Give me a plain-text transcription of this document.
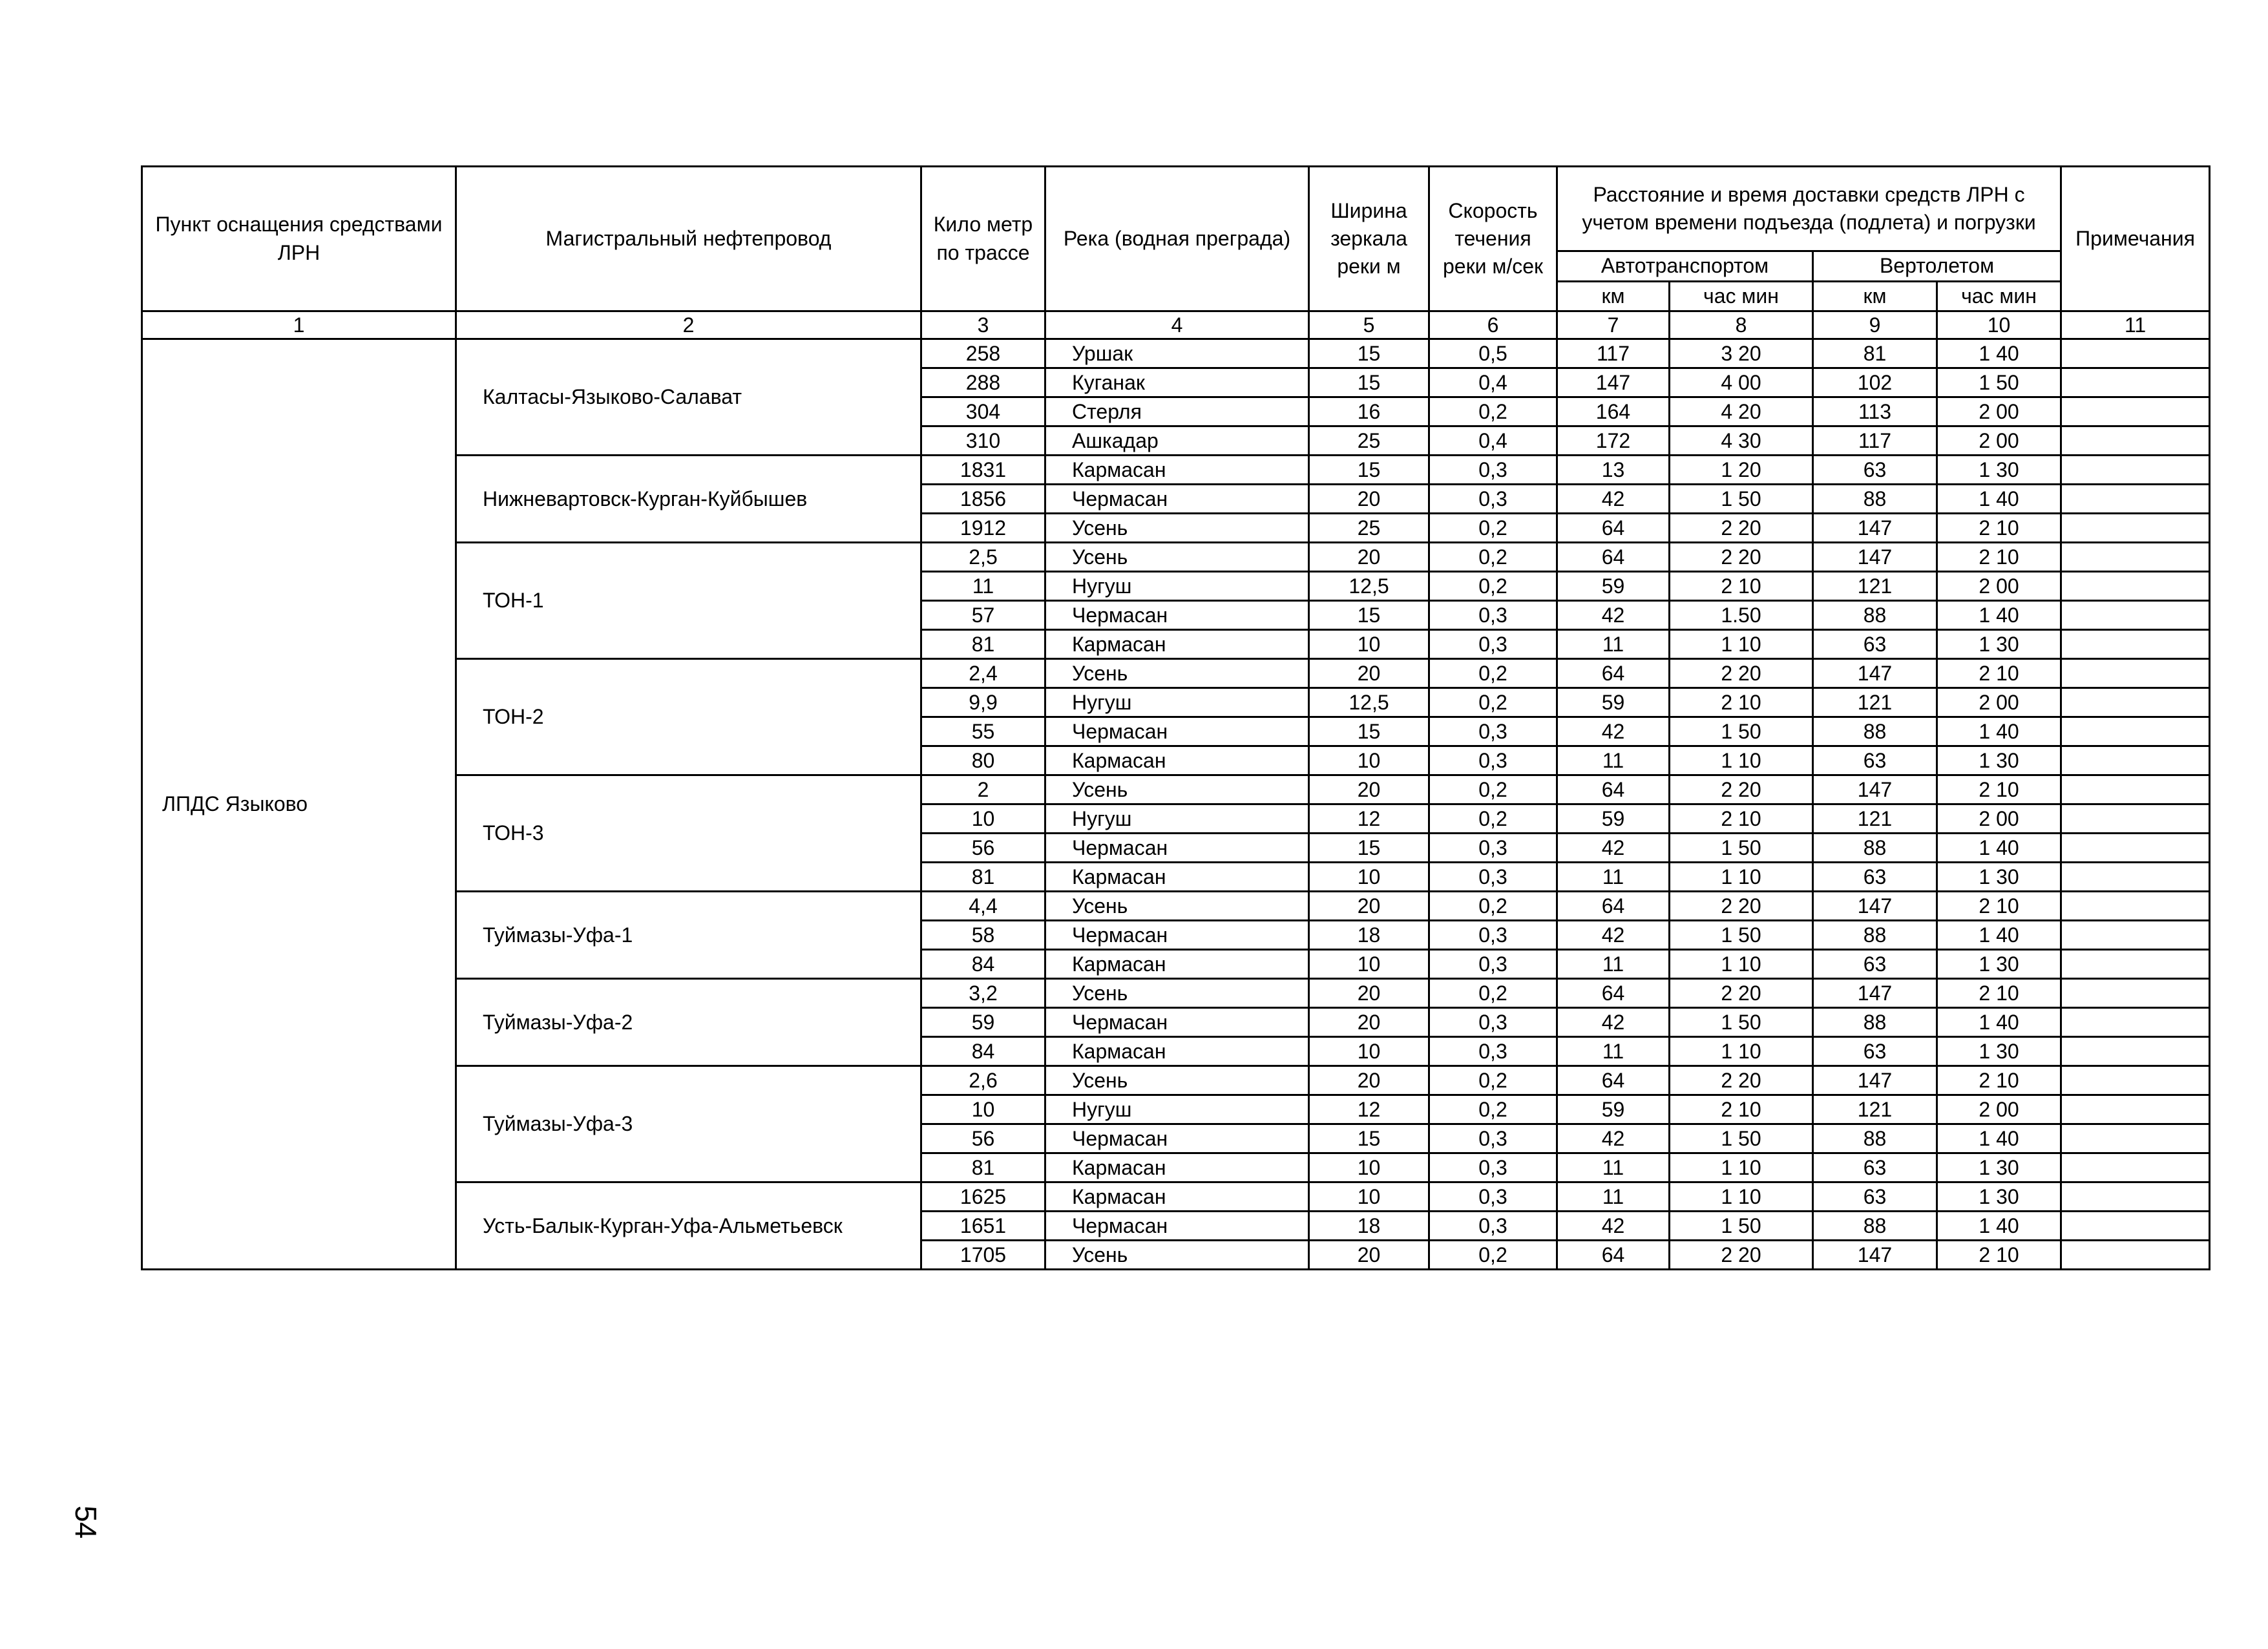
Пункт оснащения средствами ЛРН	Магистральный нефтепровод	Кило метр по трассе	Река (водная преграда)	Ширина зеркала реки м	Скорость течения реки м/сек	Расстояние и время доставки средств ЛРН с учетом времени подъезда (подлета) и погрузки				Примечания
						Автотранспортом		Вертолетом		
						км	час мин	км	час мин	
1	2	3	4	5	6	7	8	9	10	11
ЛПДС Языково	Калтасы-Языково-Салават	258	Уршак	15	0,5	117	3 20	81	1 40	
		288	Куганак	15	0,4	147	4 00	102	1 50	
		304	Стерля	16	0,2	164	4 20	113	2 00	
		310	Ашкадар	25	0,4	172	4 30	117	2 00	
	Нижневартовск-Курган-Куйбышев	1831	Кармасан	15	0,3	13	1 20	63	1 30	
		1856	Чермасан	20	0,3	42	1 50	88	1 40	
		1912	Усень	25	0,2	64	2 20	147	2 10	
	ТОН-1	2,5	Усень	20	0,2	64	2 20	147	2 10	
		11	Нугуш	12,5	0,2	59	2 10	121	2 00	
		57	Чермасан	15	0,3	42	1.50	88	1 40	
		81	Кармасан	10	0,3	11	1 10	63	1 30	
	ТОН-2	2,4	Усень	20	0,2	64	2 20	147	2 10	
		9,9	Нугуш	12,5	0,2	59	2 10	121	2 00	
		55	Чермасан	15	0,3	42	1 50	88	1 40	
		80	Кармасан	10	0,3	11	1 10	63	1 30	
	ТОН-3	2	Усень	20	0,2	64	2 20	147	2 10	
		10	Нугуш	12	0,2	59	2 10	121	2 00	
		56	Чермасан	15	0,3	42	1 50	88	1 40	
		81	Кармасан	10	0,3	11	1 10	63	1 30	
	Туймазы-Уфа-1	4,4	Усень	20	0,2	64	2 20	147	2 10	
		58	Чермасан	18	0,3	42	1 50	88	1 40	
		84	Кармасан	10	0,3	11	1 10	63	1 30	
	Туймазы-Уфа-2	3,2	Усень	20	0,2	64	2 20	147	2 10	
		59	Чермасан	20	0,3	42	1 50	88	1 40	
		84	Кармасан	10	0,3	11	1 10	63	1 30	
	Туймазы-Уфа-3	2,6	Усень	20	0,2	64	2 20	147	2 10	
		10	Нугуш	12	0,2	59	2 10	121	2 00	
		56	Чермасан	15	0,3	42	1 50	88	1 40	
		81	Кармасан	10	0,3	11	1 10	63	1 30	
	Усть-Балык-Курган-Уфа-Альметьевск	1625	Кармасан	10	0,3	11	1 10	63	1 30	
		1651	Чермасан	18	0,3	42	1 50	88	1 40	
		1705	Усень	20	0,2	64	2 20	147	2 10	
54
